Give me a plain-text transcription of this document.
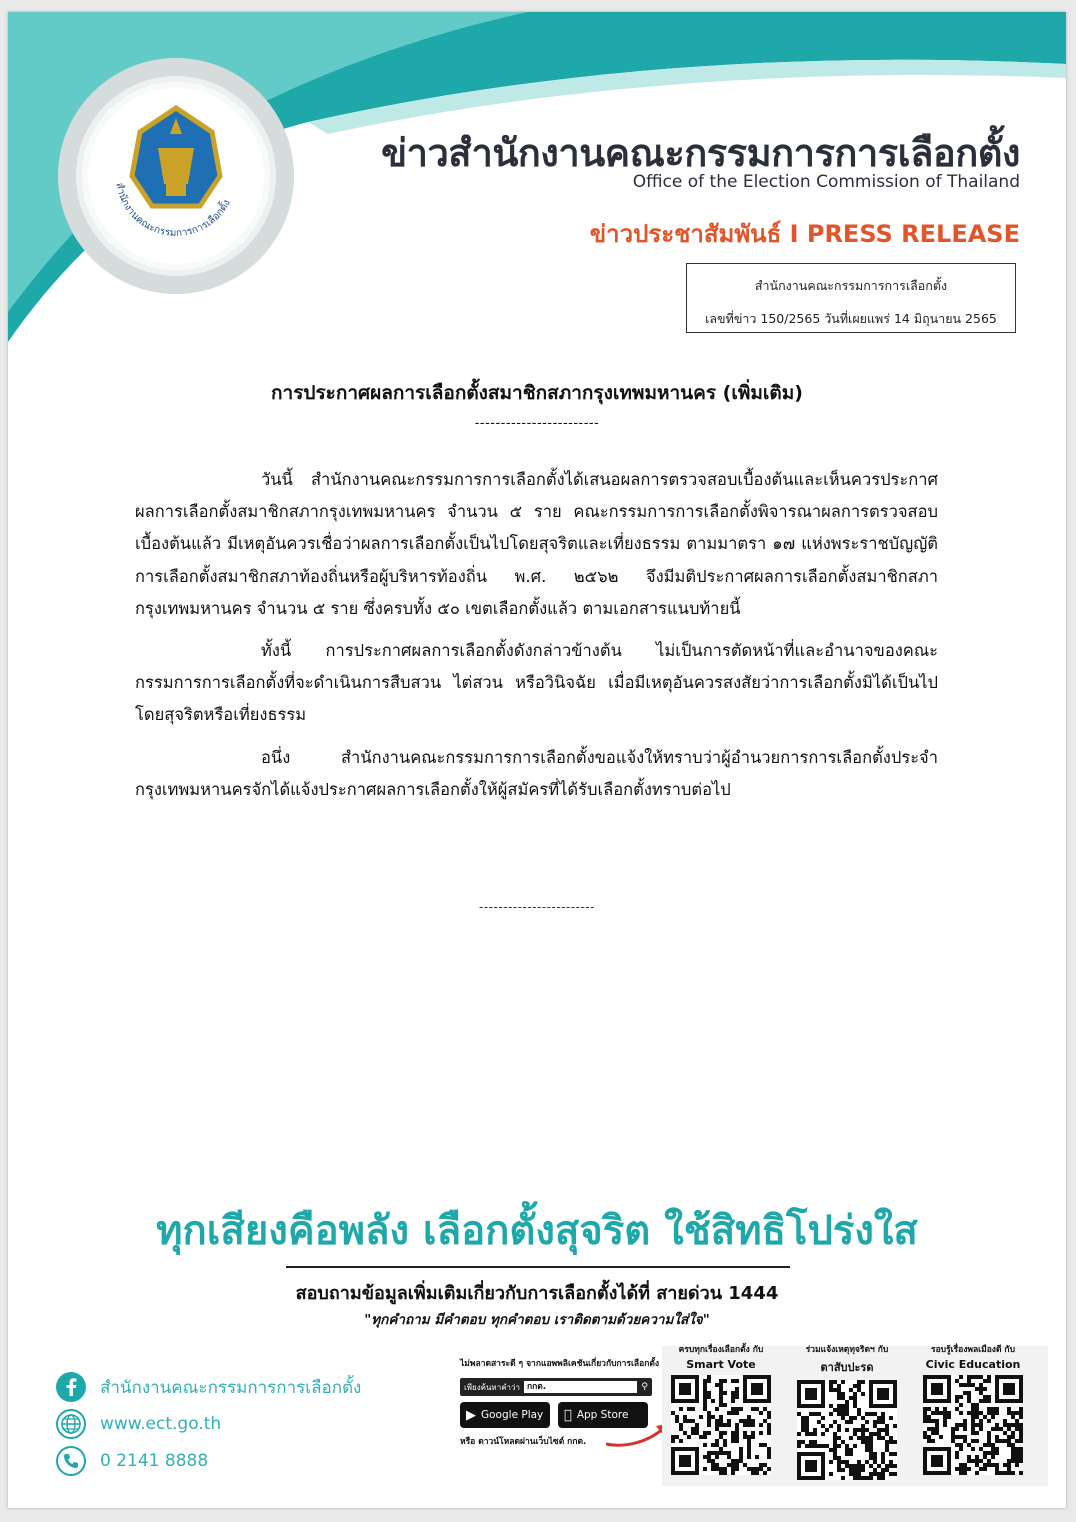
สำนักงานคณะกรรมการการเลือกตั้ง
ข่าวสำนักงานคณะกรรมการการเลือกตั้ง
Office of the Election Commission of Thailand
ข่าวประชาสัมพันธ์ I PRESS RELEASE
สำนักงานคณะกรรมการการเลือกตั้ง
เลขที่ข่าว 150/2565 วันที่เผยแพร่ 14 มิถุนายน 2565
การประกาศผลการเลือกตั้งสมาชิกสภากรุงเทพมหานคร (เพิ่มเติม)
------------------------

วันนี้ สำนักงานคณะกรรมการการเลือกตั้งได้เสนอผลการตรวจสอบเบื้องต้นและเห็นควรประกาศผลการเลือกตั้งสมาชิกสภากรุงเทพมหานคร จำนวน ๕ ราย คณะกรรมการการเลือกตั้งพิจารณาผลการตรวจสอบเบื้องต้นแล้ว มีเหตุอันควรเชื่อว่าผลการเลือกตั้งเป็นไปโดยสุจริตและเที่ยงธรรม ตามมาตรา ๑๗ แห่งพระราชบัญญัติการเลือกตั้งสมาชิกสภาท้องถิ่นหรือผู้บริหารท้องถิ่น พ.ศ. ๒๕๖๒ จึงมีมติประกาศผลการเลือกตั้งสมาชิกสภากรุงเทพมหานคร จำนวน ๕ ราย ซึ่งครบทั้ง ๕๐ เขตเลือกตั้งแล้ว ตามเอกสารแนบท้ายนี้

ทั้งนี้ การประกาศผลการเลือกตั้งดังกล่าวข้างต้น ไม่เป็นการตัดหน้าที่และอำนาจของคณะกรรมการการเลือกตั้งที่จะดำเนินการสืบสวน ไต่สวน หรือวินิจฉัย เมื่อมีเหตุอันควรสงสัยว่าการเลือกตั้งมิได้เป็นไปโดยสุจริตหรือเที่ยงธรรม

อนึ่ง สำนักงานคณะกรรมการการเลือกตั้งขอแจ้งให้ทราบว่าผู้อำนวยการการเลือกตั้งประจำกรุงเทพมหานครจักได้แจ้งประกาศผลการเลือกตั้งให้ผู้สมัครที่ได้รับเลือกตั้งทราบต่อไป

------------------------
ทุกเสียงคือพลัง เลือกตั้งสุจริต ใช้สิทธิโปร่งใส
สอบถามข้อมูลเพิ่มเติมเกี่ยวกับการเลือกตั้งได้ที่ สายด่วน 1444
"ทุกคำถาม มีคำตอบ ทุกคำตอบ เราติดตามด้วยความใส่ใจ"
สำนักงานคณะกรรมการการเลือกตั้ง
www.ect.go.th
0 2141 8888
ไม่พลาดสาระดี ๆ จากแอพพลิเคชันเกี่ยวกับการเลือกตั้ง
เพียงค้นหาคำว่า กกต.	⚲
▶ Google Play App Store
หรือ ดาวน์โหลดผ่านเว็บไซต์ กกต.
ครบทุกเรื่องเลือกตั้ง กับ
Smart Vote
ร่วมแจ้งเหตุทุจริตฯ กับ
ตาสับปะรด
รอบรู้เรื่องพลเมืองดี กับ
Civic Education
